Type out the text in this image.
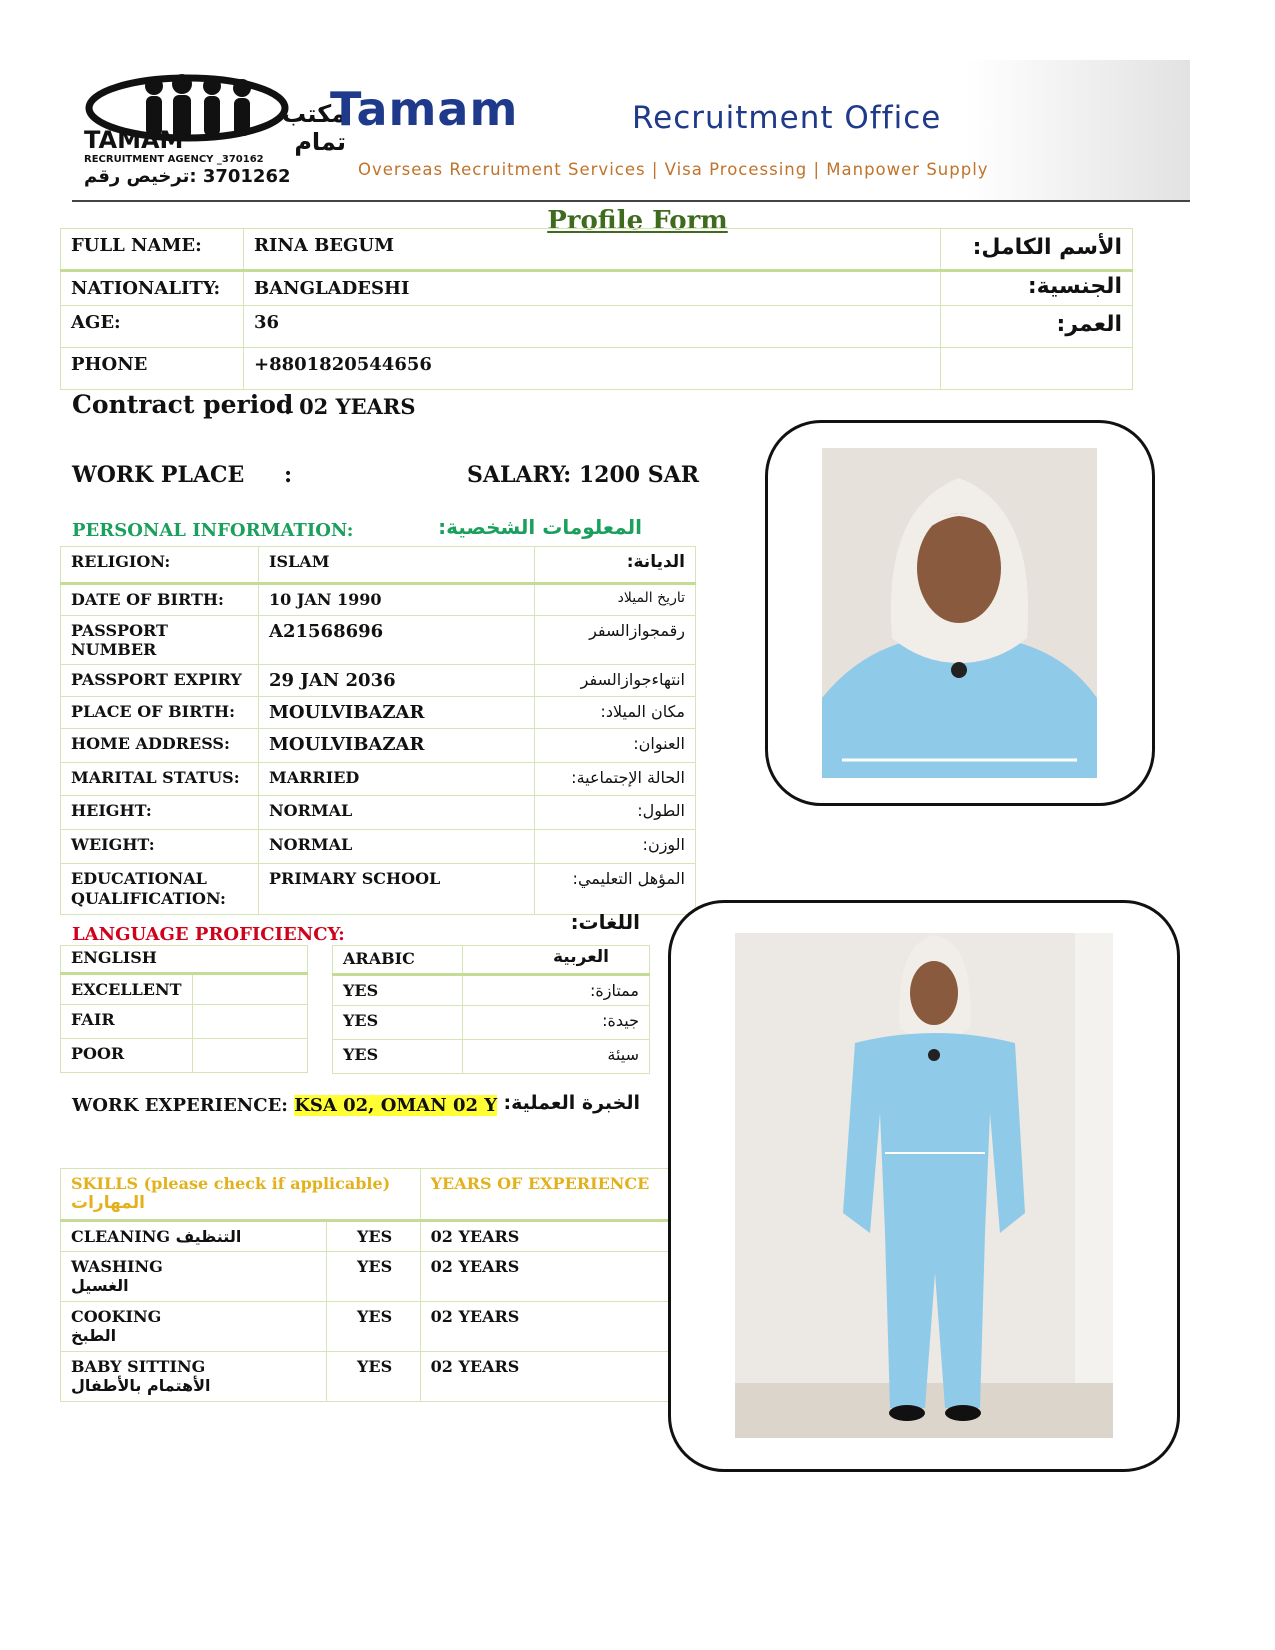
مكتب تمام
TAMAM
RECRUITMENT AGENCY _370162
3701262 :ترخيص رقم
Tamam	Recruitment Office
Overseas Recruitment Services | Visa Processing | Manpower Supply
Profile Form
FULL NAME:	RINA BEGUM	الأسم الكامل:
NATIONALITY:	BANGLADESHI	الجنسية:
AGE:	36	العمر:
PHONE	+8801820544656	
Contract period
: 02 YEARS
WORK PLACE :	SALARY: 1200 SAR
PERSONAL INFORMATION:	المعلومات الشخصية:
RELIGION:	ISLAM	الديانة:
DATE OF BIRTH:	10 JAN 1990	تاريخ الميلاد
PASSPORT NUMBER	A21568696	رقمجوازالسفر
PASSPORT EXPIRY	29 JAN 2036	انتهاءجوازالسفر
PLACE OF BIRTH:	MOULVIBAZAR	مكان الميلاد:
HOME ADDRESS:	MOULVIBAZAR	العنوان:
MARITAL STATUS:	MARRIED	الحالة الإجتماعية:
HEIGHT:	NORMAL	الطول:
WEIGHT:	NORMAL	الوزن:
EDUCATIONAL QUALIFICATION:	PRIMARY SCHOOL	المؤهل التعليمي:
LANGUAGE PROFICIENCY:
اللغات:
ENGLISH	
EXCELLENT	
FAIR	
POOR	
ARABIC	العربية
YES	ممتازة:
YES	جيدة:
YES	سيئة
WORK EXPERIENCE: KSA 02, OMAN 02 Y الخبرة العملية:
SKILLS (please check if applicable)
المهارات		YEARS OF EXPERIENCE
CLEANING التنظيف	YES	02 YEARS

WASHING
الغسيل	YES	02 YEARS

COOKING
الطبخ	YES	02 YEARS

BABY SITTING
الأهتمام بالأطفال	YES	02 YEARS
